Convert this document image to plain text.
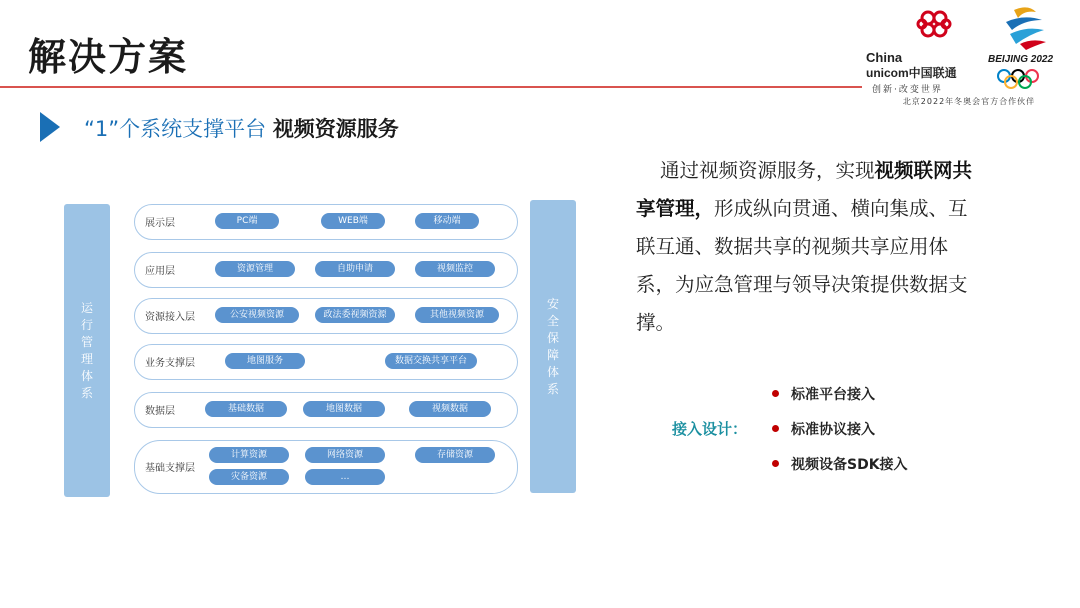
解决方案	China
unicom中国联通
创新·改变世界
BEIJING 2022
北京2022年冬奥会官方合作伙伴
“1”个系统支撑平台 视频资源服务
运行管理体系
安全保障体系
展示层	PC端	WEB端	移动端
应用层	资源管理	自助申请	视频监控
资源接入层	公安视频资源	政法委视频资源	其他视频资源
业务支撑层	地图服务	数据交换共享平台
数据层	基础数据	地图数据	视频数据
基础支撑层
计算资源	网络资源	存储资源
灾备资源	…
通过视频资源服务，实现视频联网共享管理，形成纵向贯通、横向集成、互联互通、数据共享的视频共享应用体系，为应急管理与领导决策提供数据支撑。
接入设计：
标准平台接入
标准协议接入
视频设备SDK接入
